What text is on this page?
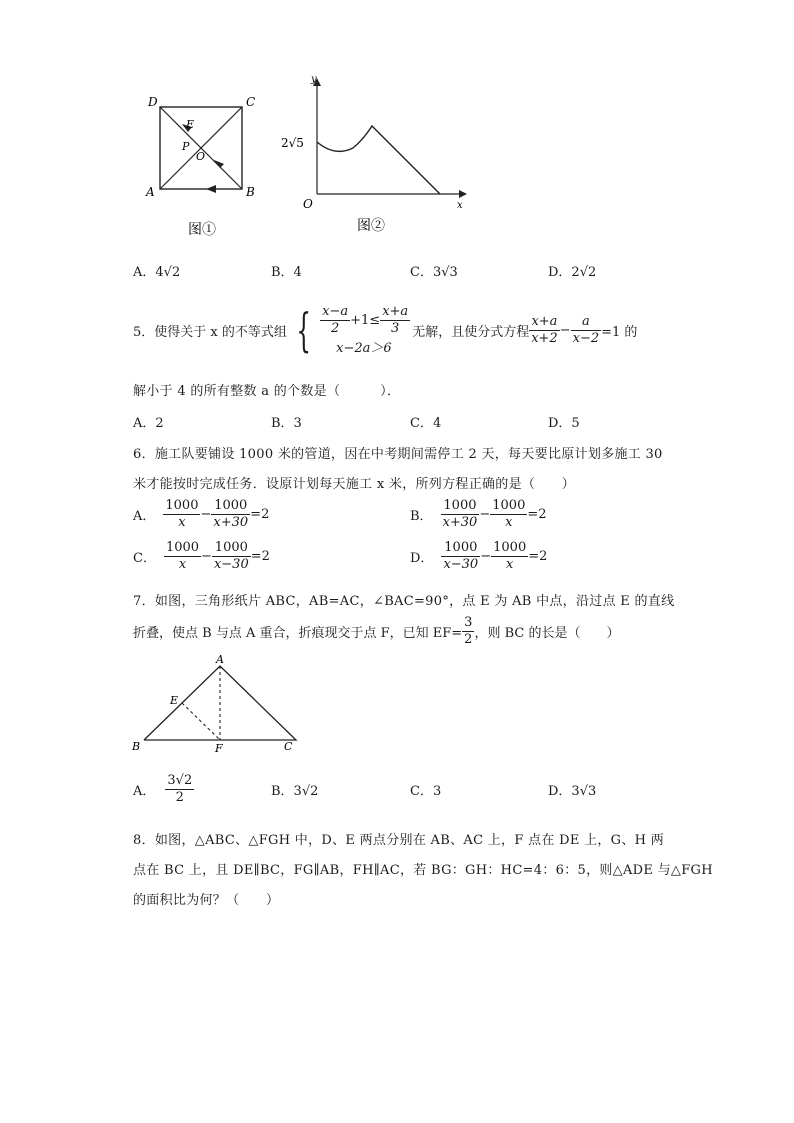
D	C
A	B
E
P
O
图①
y
x
O
2√5
图②
A．4√2	B．4	C．3√3	D．2√2
5．使得关于 x 的不等式组 { $\frac{x-a}{2} +1\le \frac{x+a}{3}$
x−2a＞6
无解，且使分式方程 $\frac{x+a}{x+2} - \frac{a}{x-2} =1$ 的
解小于 4 的所有整数 a 的个数是（　　　）．
A．2	B．3	C．4	D．5
6．施工队要铺设 1000 米的管道，因在中考期间需停工 2 天，每天要比原计划多施工 30
米才能按时完成任务．设原计划每天施工 x 米，所列方程正确的是（　　）
A． $\frac{1000}{x} - \frac{1000}{x+30} =2$	B． $\frac{1000}{x+30} - \frac{1000}{x} =2$
C． $\frac{1000}{x} - \frac{1000}{x-30} =2$	D． $\frac{1000}{x-30} - \frac{1000}{x} =2$
7．如图，三角形纸片 ABC，AB=AC，∠BAC=90°，点 E 为 AB 中点，沿过点 E 的直线
折叠，使点 B 与点 A 重合，折痕现交于点 F，已知 $EF= \frac{3}{2}$ ，则 BC 的长是（　　）
A
E
B	F	C
A． $\frac{3√2}{2}$	B．3√2	C．3	D．3√3
8．如图，△ABC、△FGH 中，D、E 两点分别在 AB、AC 上，F 点在 DE 上，G、H 两
点在 BC 上，且 DE∥BC，FG∥AB，FH∥AC，若 BG：GH：HC=4：6：5，则△ADE 与△FGH
的面积比为何？（　　）
